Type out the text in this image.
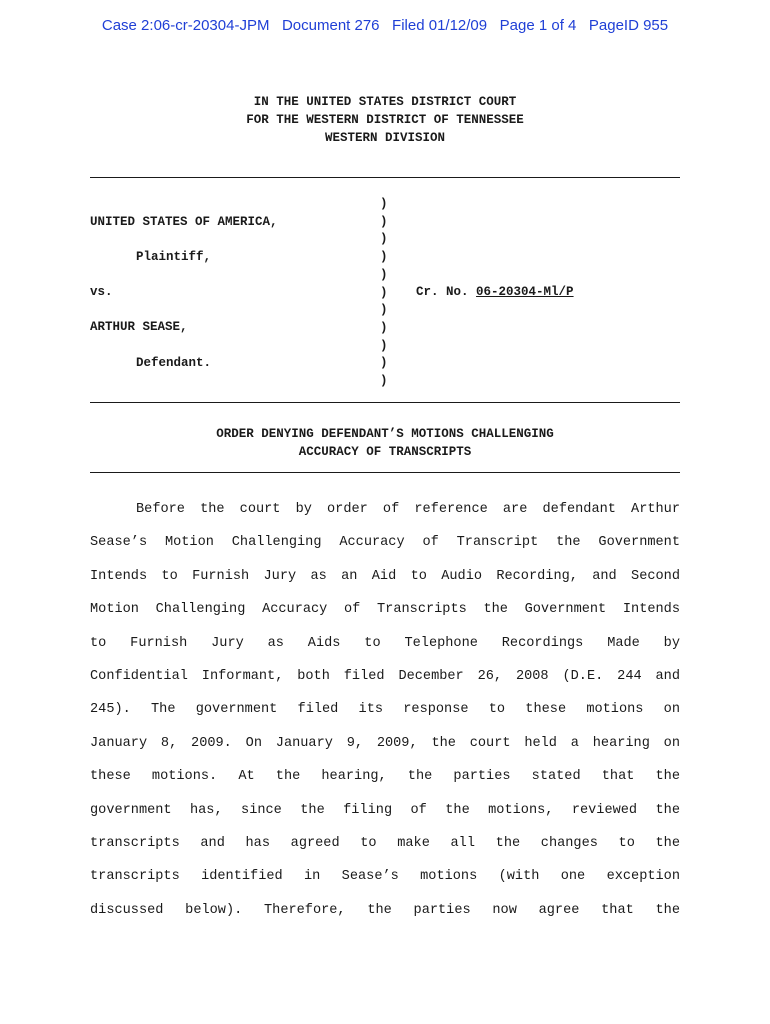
Case 2:06-cr-20304-JPM Document 276 Filed 01/12/09 Page 1 of 4 PageID 955
IN THE UNITED STATES DISTRICT COURT
FOR THE WESTERN DISTRICT OF TENNESSEE
WESTERN DIVISION
UNITED STATES OF AMERICA,
Plaintiff,
vs.
ARTHUR SEASE,
Defendant.
)
)
)
)
)
)
)
)
)
)
)
Cr. No. 06-20304-Ml/P
ORDER DENYING DEFENDANT’S MOTIONS CHALLENGING
ACCURACY OF TRANSCRIPTS
Before the court by order of reference are defendant Arthur
Sease’s Motion Challenging Accuracy of Transcript the Government
Intends to Furnish Jury as an Aid to Audio Recording, and Second
Motion Challenging Accuracy of Transcripts the Government Intends
to Furnish Jury as Aids to Telephone Recordings Made by
Confidential Informant, both filed December 26, 2008 (D.E. 244 and
245). The government filed its response to these motions on
January 8, 2009. On January 9, 2009, the court held a hearing on
these motions. At the hearing, the parties stated that the
government has, since the filing of the motions, reviewed the
transcripts and has agreed to make all the changes to the
transcripts identified in Sease’s motions (with one exception
discussed below). Therefore, the parties now agree that the
